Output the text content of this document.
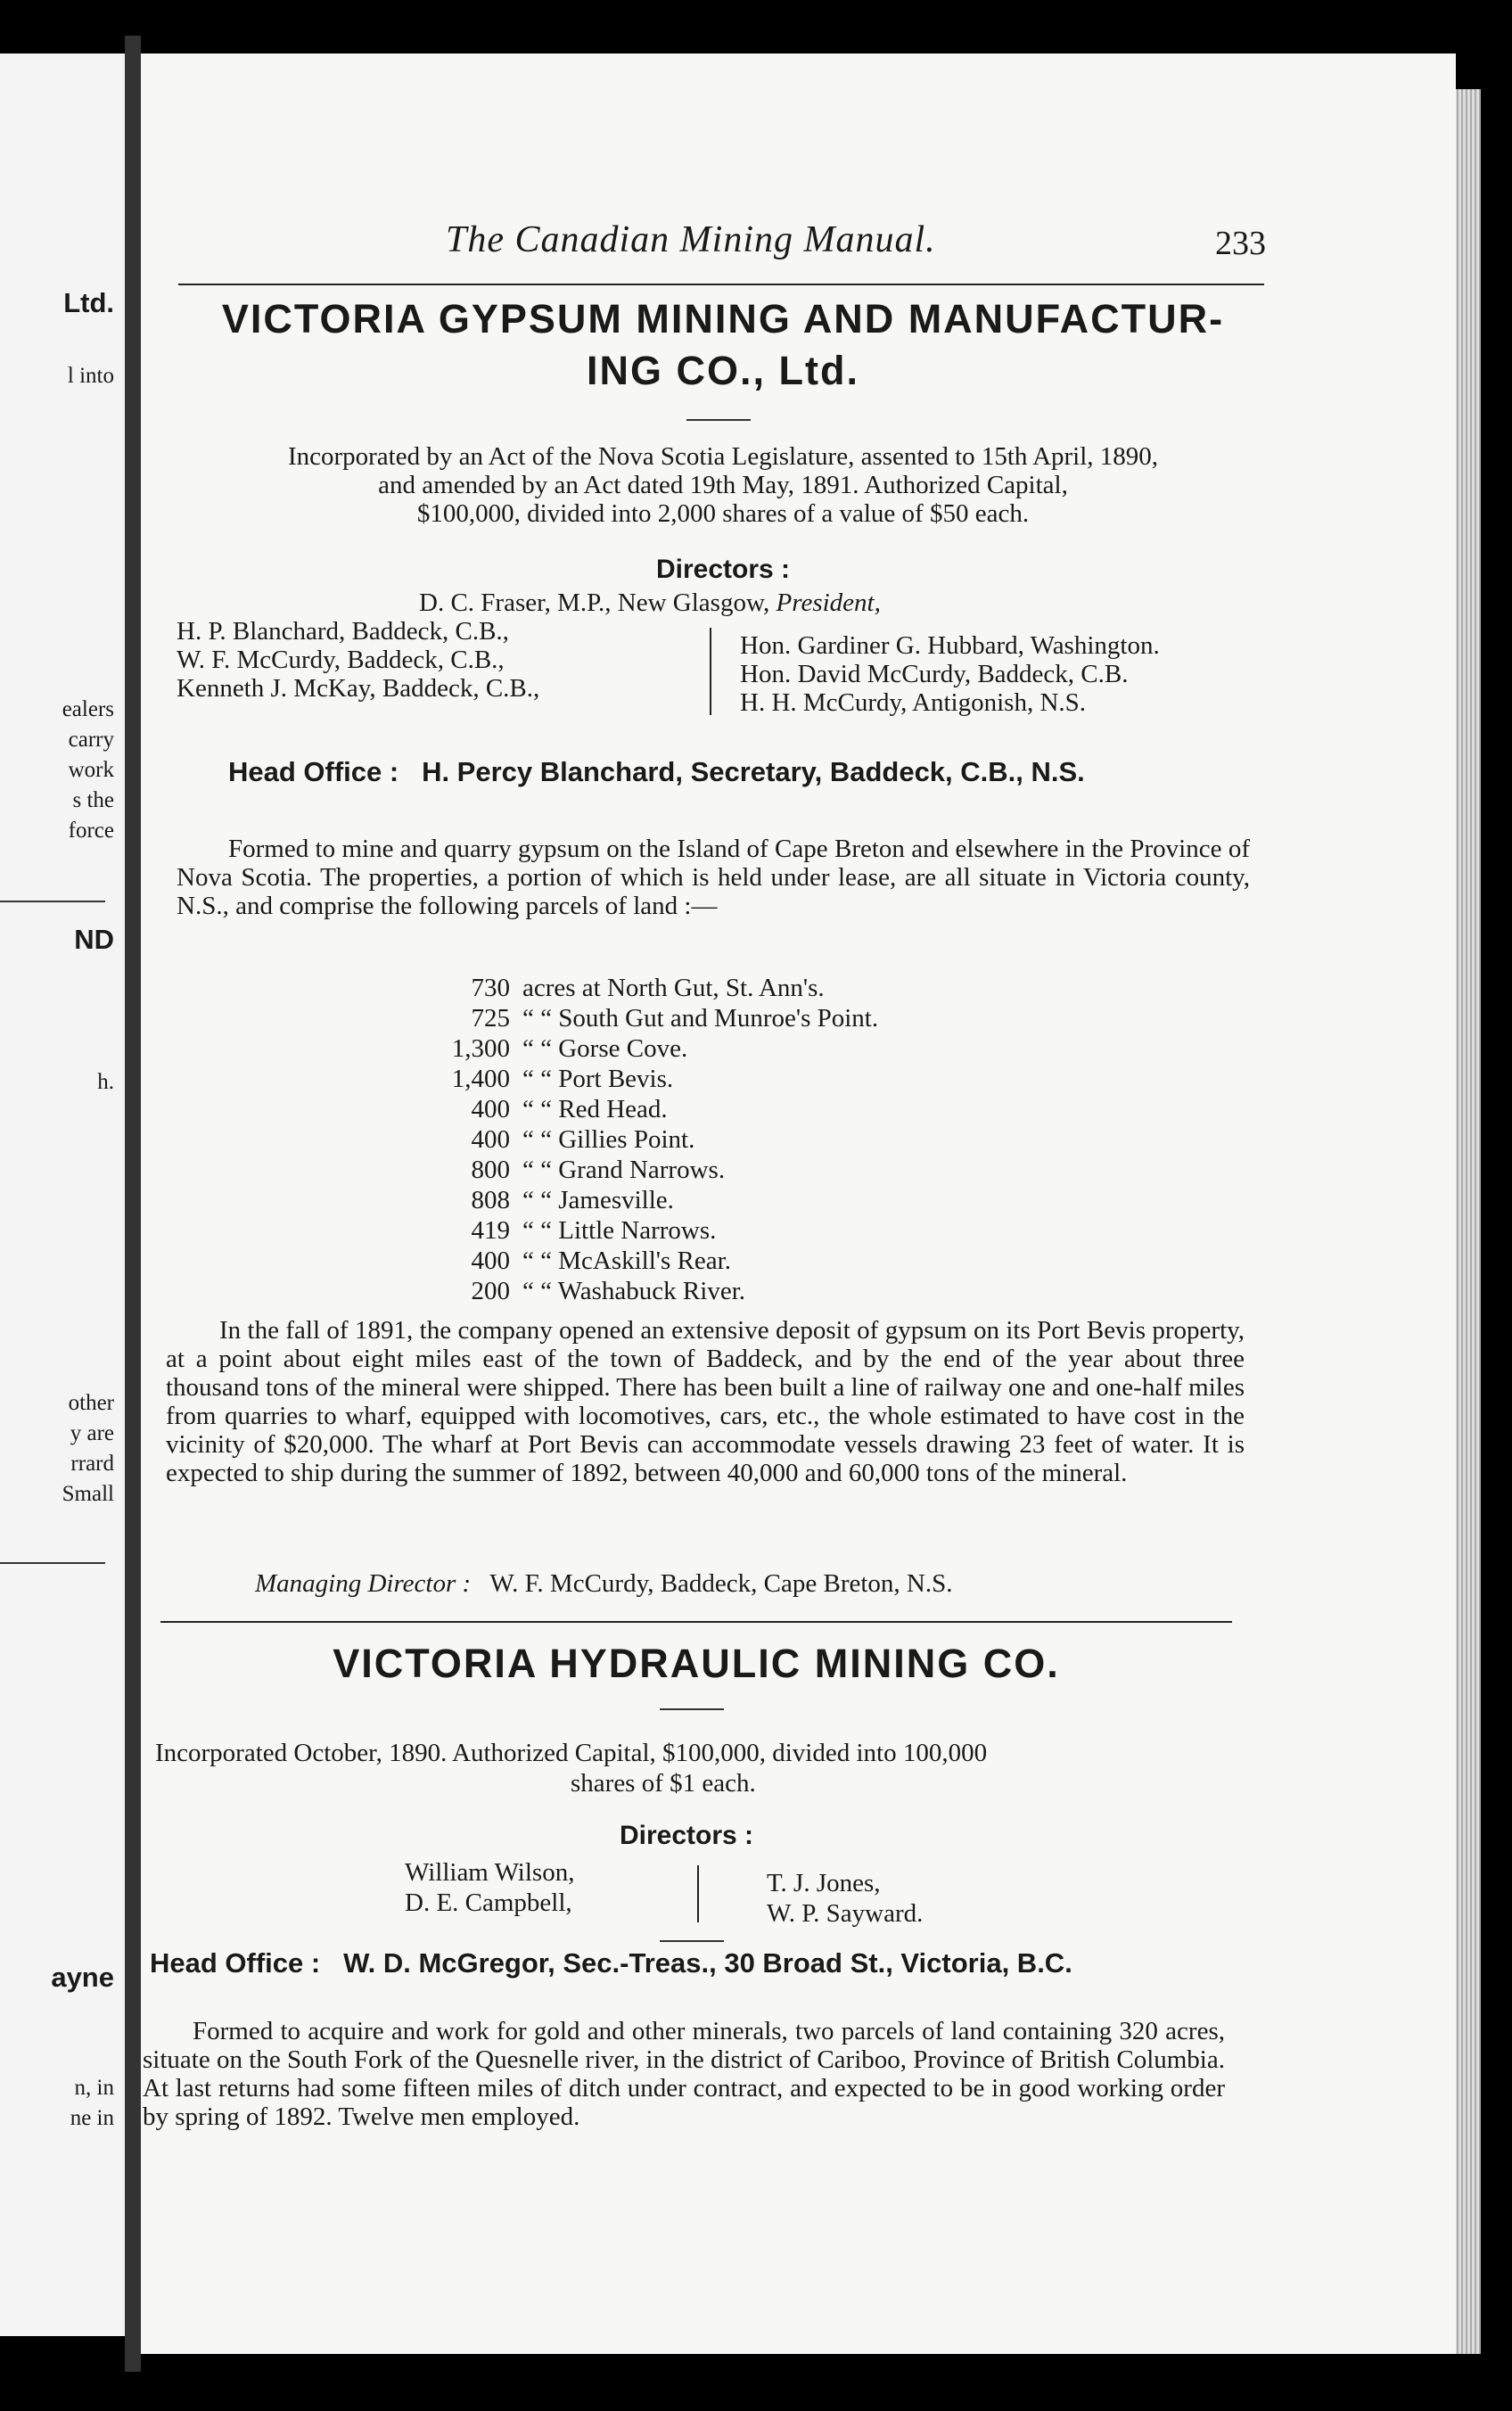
Ltd.
l into
ealers
carry
work
s the
force
ND
h.
other
y are
rrard
Small
ayne
n, in
ne in
The Canadian Mining Manual.	233
VICTORIA GYPSUM MINING AND MANUFACTUR-
ING CO., Ltd.
Incorporated by an Act of the Nova Scotia Legislature, assented to 15th April, 1890,
and amended by an Act dated 19th May, 1891. Authorized Capital,
$100,000, divided into 2,000 shares of a value of $50 each.
Directors :
D. C. Fraser, M.P., New Glasgow, President,
H. P. Blanchard, Baddeck, C.B.,
W. F. McCurdy, Baddeck, C.B.,
Kenneth J. McKay, Baddeck, C.B.,
Hon. Gardiner G. Hubbard, Washington.
Hon. David McCurdy, Baddeck, C.B.
H. H. McCurdy, Antigonish, N.S.
Head Office : H. Percy Blanchard, Secretary, Baddeck, C.B., N.S.
Formed to mine and quarry gypsum on the Island of Cape Breton and elsewhere in the Province of Nova Scotia. The properties, a portion of which is held under lease, are all situate in Victoria county, N.S., and comprise the following parcels of land :—
730 acres at North Gut, St. Ann's.
725 “ “ South Gut and Munroe's Point.
1,300 “ “ Gorse Cove.
1,400 “ “ Port Bevis.
400 “ “ Red Head.
400 “ “ Gillies Point.
800 “ “ Grand Narrows.
808 “ “ Jamesville.
419 “ “ Little Narrows.
400 “ “ McAskill's Rear.
200 “ “ Washabuck River.
In the fall of 1891, the company opened an extensive deposit of gypsum on its Port Bevis property, at a point about eight miles east of the town of Baddeck, and by the end of the year about three thousand tons of the mineral were shipped. There has been built a line of railway one and one-half miles from quarries to wharf, equipped with locomotives, cars, etc., the whole estimated to have cost in the vicinity of $20,000. The wharf at Port Bevis can accommodate vessels drawing 23 feet of water. It is expected to ship during the summer of 1892, between 40,000 and 60,000 tons of the mineral.
Managing Director : W. F. McCurdy, Baddeck, Cape Breton, N.S.
VICTORIA HYDRAULIC MINING CO.
Incorporated October, 1890. Authorized Capital, $100,000, divided into 100,000
shares of $1 each.
Directors :
William Wilson,
D. E. Campbell,
T. J. Jones,
W. P. Sayward.
Head Office : W. D. McGregor, Sec.-Treas., 30 Broad St., Victoria, B.C.
Formed to acquire and work for gold and other minerals, two parcels of land containing 320 acres, situate on the South Fork of the Quesnelle river, in the district of Cariboo, Province of British Columbia. At last returns had some fifteen miles of ditch under contract, and expected to be in good working order by spring of 1892. Twelve men employed.
